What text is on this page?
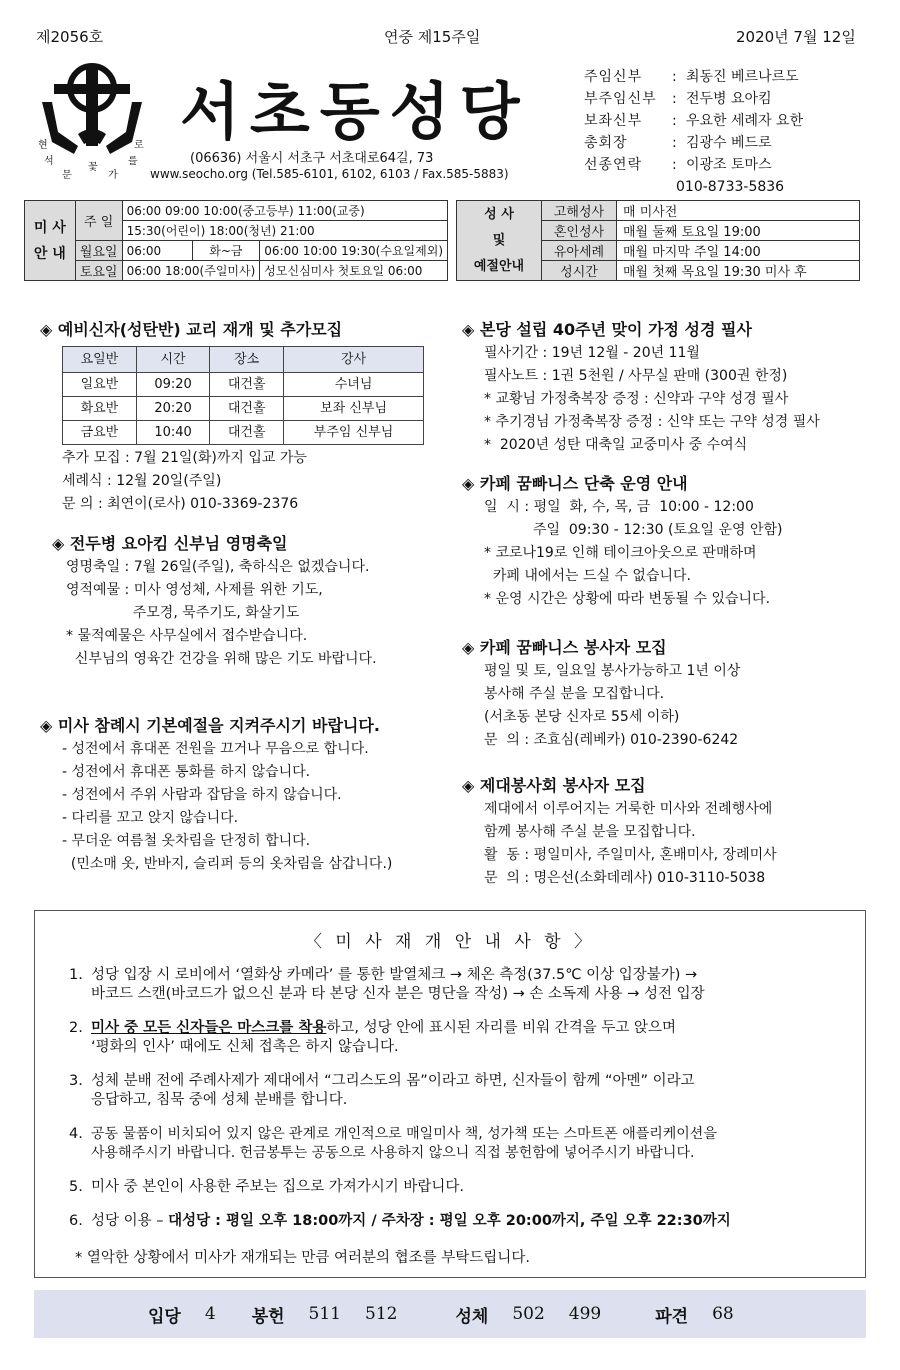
제2056호	연중 제15주일	2020년 7월 12일
현
석
문
꽃
가
를
로 서초동성당
(06636) 서울시 서초구 서초대로64길, 73
www.seocho.org (Tel.585-6101, 6102, 6103 / Fax.585-5883)
주임신부	: 최동진 베르나르도
부주임신부	: 전두병 요아킴
보좌신부	: 우요한 세례자 요한
총회장	: 김광수 베드로
선종연락	: 이광조 토마스
010-8733-5836
미 사
안 내	주 일	06:00 09:00 10:00(중고등부) 11:00(교중)		
		15:30(어린이) 18:00(청년) 21:00		
	월요일	06:00	화~금	06:00 10:00 19:30(수요일제외)
	토요일	06:00 18:00(주일미사)		성모신심미사 첫토요일 06:00
성 사
및
예절안내	고해성사	매 미사전
	혼인성사	매월 둘째 토요일 19:00
	유아세례	매월 마지막 주일 14:00
	성시간	매월 첫째 목요일 19:30 미사 후
◈ 예비신자(성탄반) 교리 재개 및 추가모집
요일반	시간	장소	강사
일요반	09:20	대건홀	수녀님
화요반	20:20	대건홀	보좌 신부님
금요반	10:40	대건홀	부주임 신부님

추가 모집 : 7월 21일(화)까지 입교 가능

세례식 : 12월 20일(주일)

문 의 : 최연이(로사) 010-3369-2376

◈ 전두병 요아킴 신부님 영명축일

영명축일 : 7월 26일(주일), 축하식은 없겠습니다.

영적예물 : 미사 영성체, 사제를 위한 기도,

주모경, 묵주기도, 화살기도

* 물적예물은 사무실에서 접수받습니다.

신부님의 영육간 건강을 위해 많은 기도 바랍니다.

◈ 미사 참례시 기본예절을 지켜주시기 바랍니다.

- 성전에서 휴대폰 전원을 끄거나 무음으로 합니다.

- 성전에서 휴대폰 통화를 하지 않습니다.

- 성전에서 주위 사람과 잡담을 하지 않습니다.

- 다리를 꼬고 앉지 않습니다.

- 무더운 여름철 옷차림을 단정히 합니다.

(민소매 옷, 반바지, 슬리퍼 등의 옷차림을 삼갑니다.)

◈ 본당 설립 40주년 맞이 가정 성경 필사

필사기간 : 19년 12월 - 20년 11월

필사노트 : 1권 5천원 / 사무실 판매 (300권 한정)

* 교황님 가정축복장 증정 : 신약과 구약 성경 필사

* 추기경님 가정축복장 증정 : 신약 또는 구약 성경 필사

*  2020년 성탄 대축일 교중미사 중 수여식

◈ 카페 꿈빠니스 단축 운영 안내

일  시 : 평일  화, 수, 목, 금  10:00 - 12:00

주일  09:30 - 12:30 (토요일 운영 안함)

* 코로나19로 인해 테이크아웃으로 판매하며

카페 내에서는 드실 수 없습니다.

* 운영 시간은 상황에 따라 변동될 수 있습니다.

◈ 카페 꿈빠니스 봉사자 모집

평일 및 토, 일요일 봉사가능하고 1년 이상

봉사해 주실 분을 모집합니다.

(서초동 본당 신자로 55세 이하)

문  의 : 조효심(레베카) 010-2390-6242

◈ 제대봉사회 봉사자 모집

제대에서 이루어지는 거룩한 미사와 전례행사에

함께 봉사해 주실 분을 모집합니다.

활  동 : 평일미사, 주일미사, 혼배미사, 장례미사

문  의 : 명은선(소화데레사) 010-3110-5038

〈 미 사 재 개 안 내 사 항 〉
1. 성당 입장 시 로비에서 ‘열화상 카메라’ 를 통한 발열체크 → 체온 측정(37.5℃ 이상 입장불가) →
바코드 스캔(바코드가 없으신 분과 타 본당 신자 분은 명단을 작성) → 손 소독제 사용 → 성전 입장
2. 미사 중 모든 신자들은 마스크를 착용하고, 성당 안에 표시된 자리를 비워 간격을 두고 앉으며
‘평화의 인사’ 때에도 신체 접촉은 하지 않습니다.
3. 성체 분배 전에 주례사제가 제대에서 “그리스도의 몸”이라고 하면, 신자들이 함께 “아멘” 이라고
응답하고, 침묵 중에 성체 분배를 합니다.
4. 공동 물품이 비치되어 있지 않은 관계로 개인적으로 매일미사 책, 성가책 또는 스마트폰 애플리케이션을
사용해주시기 바랍니다. 헌금봉투는 공동으로 사용하지 않으니 직접 봉헌함에 넣어주시기 바랍니다.
5. 미사 중 본인이 사용한 주보는 집으로 가져가시기 바랍니다.
6. 성당 이용 – 대성당 : 평일 오후 18:00까지 / 주차장 : 평일 오후 20:00까지, 주일 오후 22:30까지
* 열악한 상황에서 미사가 재개되는 만큼 여러분의 협조를 부탁드립니다.
입당 4 봉헌 511 512	성체 502 499	파견 68
